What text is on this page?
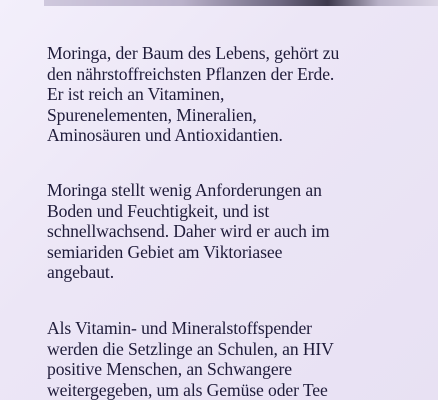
Moringa, der Baum des Lebens, gehört zu
den nährstoffreichsten Pflanzen der Erde.
Er ist reich an Vitaminen,
Spurenelementen, Mineralien,
Aminosäuren und Antioxidantien.

Moringa stellt wenig Anforderungen an
Boden und Feuchtigkeit, und ist
schnellwachsend. Daher wird er auch im
semiariden Gebiet am Viktoriasee
angebaut.

Als Vitamin- und Mineralstoffspender
werden die Setzlinge an Schulen, an HIV
positive Menschen, an Schwangere
weitergegeben, um als Gemüse oder Tee
